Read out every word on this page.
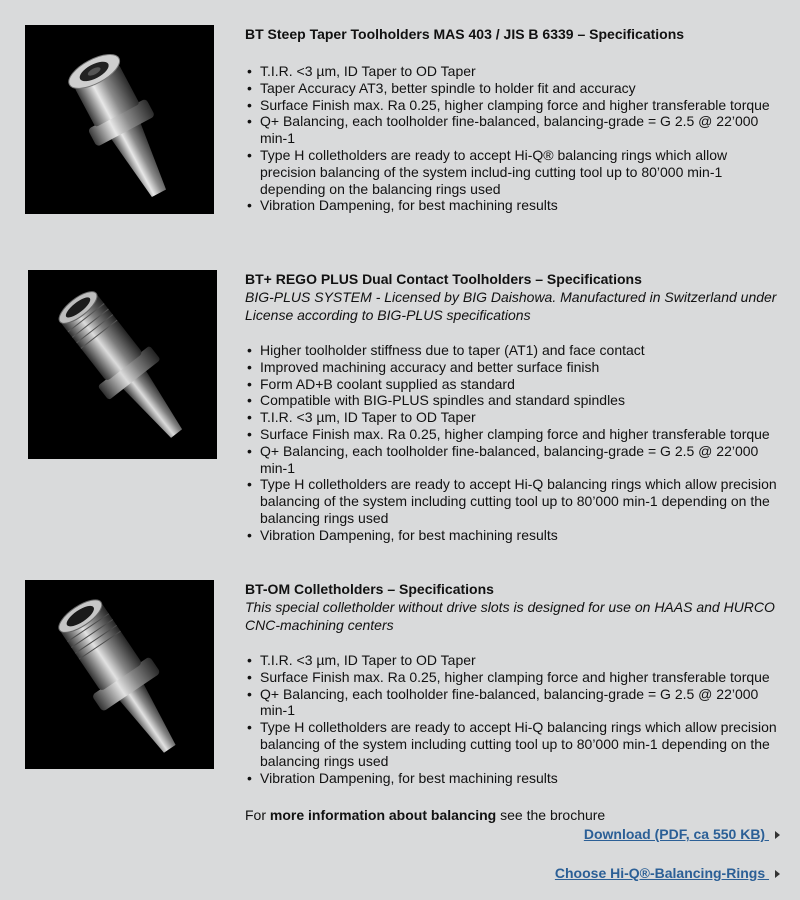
BT Steep Taper Toolholders MAS 403 / JIS B 6339 – Specifications

• T.I.R. <3 µm, ID Taper to OD Taper
• Taper Accuracy AT3, better spindle to holder fit and accuracy
• Surface Finish max. Ra 0.25, higher clamping force and higher transferable torque
• Q+ Balancing, each toolholder fine-balanced, balancing-grade = G 2.5 @ 22’000 min-1
• Type H colletholders are ready to accept Hi-Q® balancing rings which allow precision balancing of the system includ-ing cutting tool up to 80’000 min-1 depending on the balancing rings used
• Vibration Dampening, for best machining results

BT+ REGO PLUS Dual Contact Toolholders – Specifications

BIG-PLUS SYSTEM - Licensed by BIG Daishowa. Manufactured in Switzerland under License according to BIG-PLUS specifications

• Higher toolholder stiffness due to taper (AT1) and face contact
• Improved machining accuracy and better surface finish
• Form AD+B coolant supplied as standard
• Compatible with BIG-PLUS spindles and standard spindles
• T.I.R. <3 µm, ID Taper to OD Taper
• Surface Finish max. Ra 0.25, higher clamping force and higher transferable torque
• Q+ Balancing, each toolholder fine-balanced, balancing-grade = G 2.5 @ 22’000 min-1
• Type H colletholders are ready to accept Hi-Q balancing rings which allow precision balancing of the system including cutting tool up to 80’000 min-1 depending on the balancing rings used
• Vibration Dampening, for best machining results

BT-OM Colletholders – Specifications

This special colletholder without drive slots is designed for use on HAAS and HURCO CNC-machining centers

• T.I.R. <3 µm, ID Taper to OD Taper
• Surface Finish max. Ra 0.25, higher clamping force and higher transferable torque
• Q+ Balancing, each toolholder fine-balanced, balancing-grade = G 2.5 @ 22’000 min-1
• Type H colletholders are ready to accept Hi-Q balancing rings which allow precision balancing of the system including cutting tool up to 80’000 min-1 depending on the balancing rings used
• Vibration Dampening, for best machining results
For more information about balancing see the brochure
Download (PDF, ca 550 KB)
Choose Hi-Q®-Balancing-Rings
